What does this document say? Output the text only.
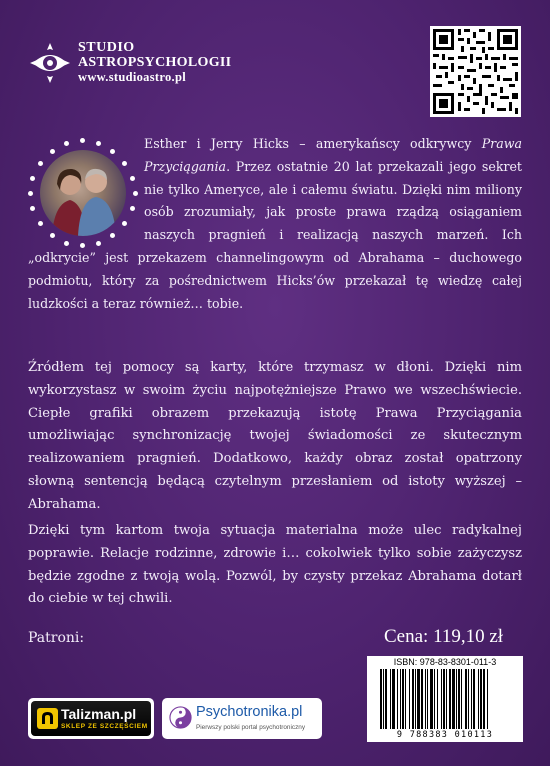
STUDIO
ASTROPSYCHOLOGII
www.studioastro.pl
Esther i Jerry Hicks – amerykańscy odkrywcy Prawa Przyciągania. Przez ostatnie 20 lat przekazali jego sekret nie tylko Ameryce, ale i całemu światu. Dzięki nim miliony osób zrozumiały, jak proste prawa rządzą osiąganiem naszych pragnień i realizacją naszych marzeń. Ich „odkrycie” jest przekazem channelingowym od Abrahama – duchowego podmiotu, który za pośrednictwem Hicks’ów przekazał tę wiedzę całej ludzkości a teraz również… tobie.
Źródłem tej pomocy są karty, które trzymasz w dłoni. Dzięki nim wykorzystasz w swoim życiu najpotężniejsze Prawo we wszechświecie. Ciepłe grafiki obrazem przekazują istotę Prawa Przyciągania umożliwiając synchronizację twojej świadomości ze skutecznym realizowaniem pragnień. Dodatkowo, każdy obraz został opatrzony słowną sentencją będącą czytelnym przesłaniem od istoty wyższej – Abrahama.
Dzięki tym kartom twoja sytuacja materialna może ulec radykalnej poprawie. Relacje rodzinne, zdrowie i… cokolwiek tylko sobie zażyczysz będzie zgodne z twoją wolą. Pozwól, by czysty przekaz Abrahama dotarł do ciebie w tej chwili.
Patroni:	Cena: 119,10 zł
ISBN: 978-83-8301-011-3
9 788383 010113
Talizman.pl
SKLEP ZE SZCZĘŚCIEM
Psychotronika.pl
Pierwszy polski portal psychotroniczny
